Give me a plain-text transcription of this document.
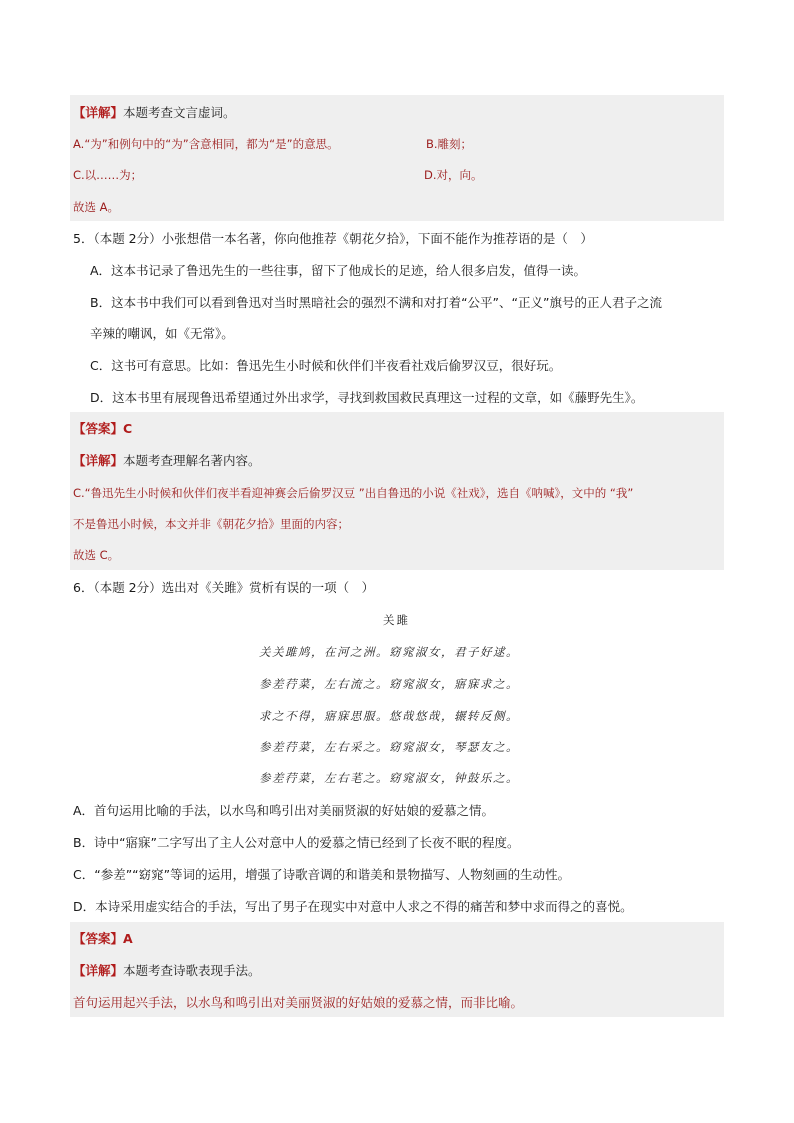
【详解】本题考查文言虚词。
A.“为”和例句中的“为”含意相同，都为“是”的意思。	B.雕刻；
C.以……为；	D.对，向。
故选 A。
5．（本题 2分）小张想借一本名著，你向他推荐《朝花夕拾》，下面不能作为推荐语的是（　）
A．这本书记录了鲁迅先生的一些往事，留下了他成长的足迹，给人很多启发，值得一读。
B．这本书中我们可以看到鲁迅对当时黑暗社会的强烈不满和对打着“公平”、“正义”旗号的正人君子之流
辛辣的嘲讽，如《无常》。
C．这书可有意思。比如：鲁迅先生小时候和伙伴们半夜看社戏后偷罗汉豆，很好玩。
D．这本书里有展现鲁迅希望通过外出求学，寻找到救国救民真理这一过程的文章，如《藤野先生》。
【答案】C
【详解】本题考查理解名著内容。
C.“鲁迅先生小时候和伙伴们夜半看迎神赛会后偷罗汉豆 ”出自鲁迅的小说《社戏》，选自《呐喊》，文中的 “我”
不是鲁迅小时候，本文并非《朝花夕拾》里面的内容；
故选 C。
6．（本题 2分）选出对《关雎》赏析有误的一项（　）
关雎
关关雎鸠，在河之洲。窈窕淑女，君子好逑。
参差荇菜，左右流之。窈窕淑女，寤寐求之。
求之不得，寤寐思服。悠哉悠哉，辗转反侧。
参差荇菜，左右采之。窈窕淑女，琴瑟友之。
参差荇菜，左右芼之。窈窕淑女，钟鼓乐之。
A．首句运用比喻的手法，以水鸟和鸣引出对美丽贤淑的好姑娘的爱慕之情。
B．诗中“寤寐”二字写出了主人公对意中人的爱慕之情已经到了长夜不眠的程度。
C．“参差”“窈窕”等词的运用，增强了诗歌音调的和谐美和景物描写、人物刻画的生动性。
D．本诗采用虚实结合的手法，写出了男子在现实中对意中人求之不得的痛苦和梦中求而得之的喜悦。
【答案】A
【详解】本题考查诗歌表现手法。
首句运用起兴手法，以水鸟和鸣引出对美丽贤淑的好姑娘的爱慕之情，而非比喻。
